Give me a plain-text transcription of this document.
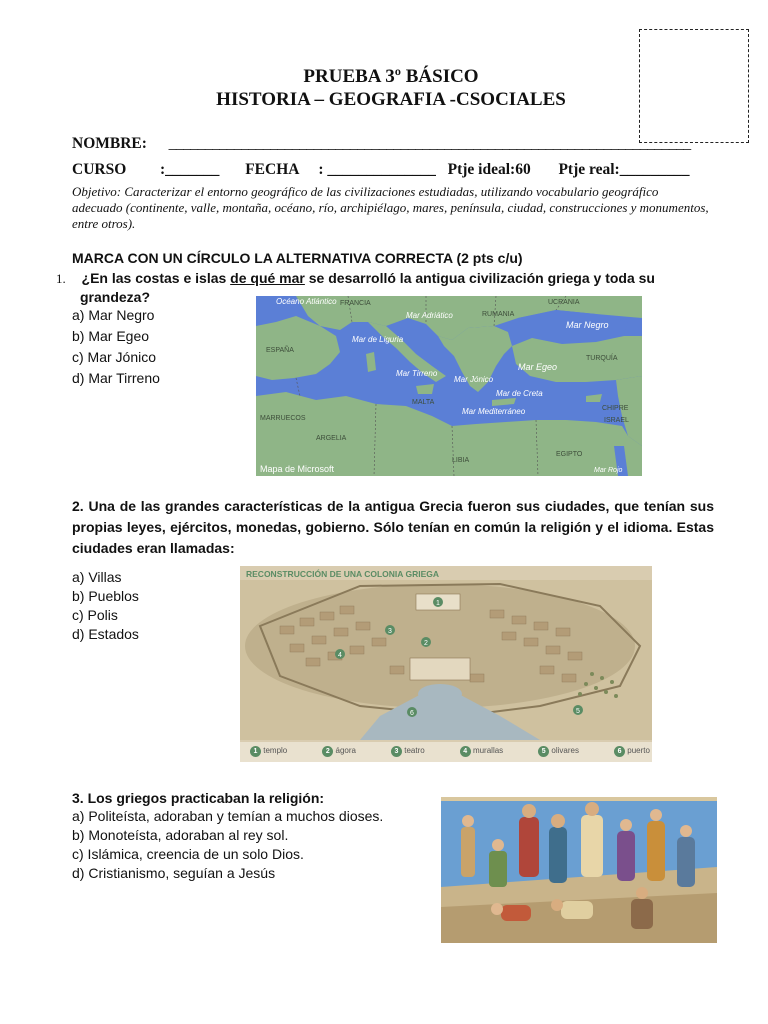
PRUEBA 3º BÁSICO
HISTORIA – GEOGRAFIA -CSOCIALES
NOMBRE: ________________________________________________________________________
CURSO :_______ FECHA : ______________ Ptje ideal:60 Ptje real:_________
Objetivo: Caracterizar el entorno geográfico de las civilizaciones estudiadas, utilizando vocabulario geográfico adecuado (continente, valle, montaña, océano, río, archipiélago, mares, península, ciudad, construcciones y monumentos, entre otros).
MARCA CON UN CÍRCULO LA ALTERNATIVA CORRECTA (2 pts c/u)
1. ¿En las costas e islas de qué mar se desarrolló la antigua civilización griega y toda su
grandeza?
a) Mar Negro
b) Mar Egeo
c) Mar Jónico
d) Mar Tirreno
Océano Atlántico
Mar Adriático
Mar de Liguria
Mar Tirreno
Mar Negro
Mar Jónico
Mar Egeo
Mar de Creta
Mar Mediterráneo
FRANCIA	UCRANIA
RUMANIA
ESPAÑA
TURQUÍA
MALTA
MARRUECOS
ARGELIA
LIBIA
EGIPTO
CHIPRE
ISRAEL
Mar Rojo
Mapa de Microsoft
2. Una de las grandes características de la antigua Grecia fueron sus ciudades, que tenían sus propias leyes, ejércitos, monedas, gobierno. Sólo tenían en común la religión y el idioma. Estas ciudades eran llamadas:
a) Villas
b) Pueblos
c) Polis
d) Estados
RECONSTRUCCIÓN DE UNA COLONIA GRIEGA
1
2
3
4
5
6
1 templo	2 ágora	3 teatro	4 murallas	5 olivares	6 puerto
3. Los griegos practicaban la religión:
a) Politeísta, adoraban y temían a muchos dioses.
b) Monoteísta, adoraban al rey sol.
c) Islámica, creencia de un solo Dios.
d) Cristianismo, seguían a Jesús
